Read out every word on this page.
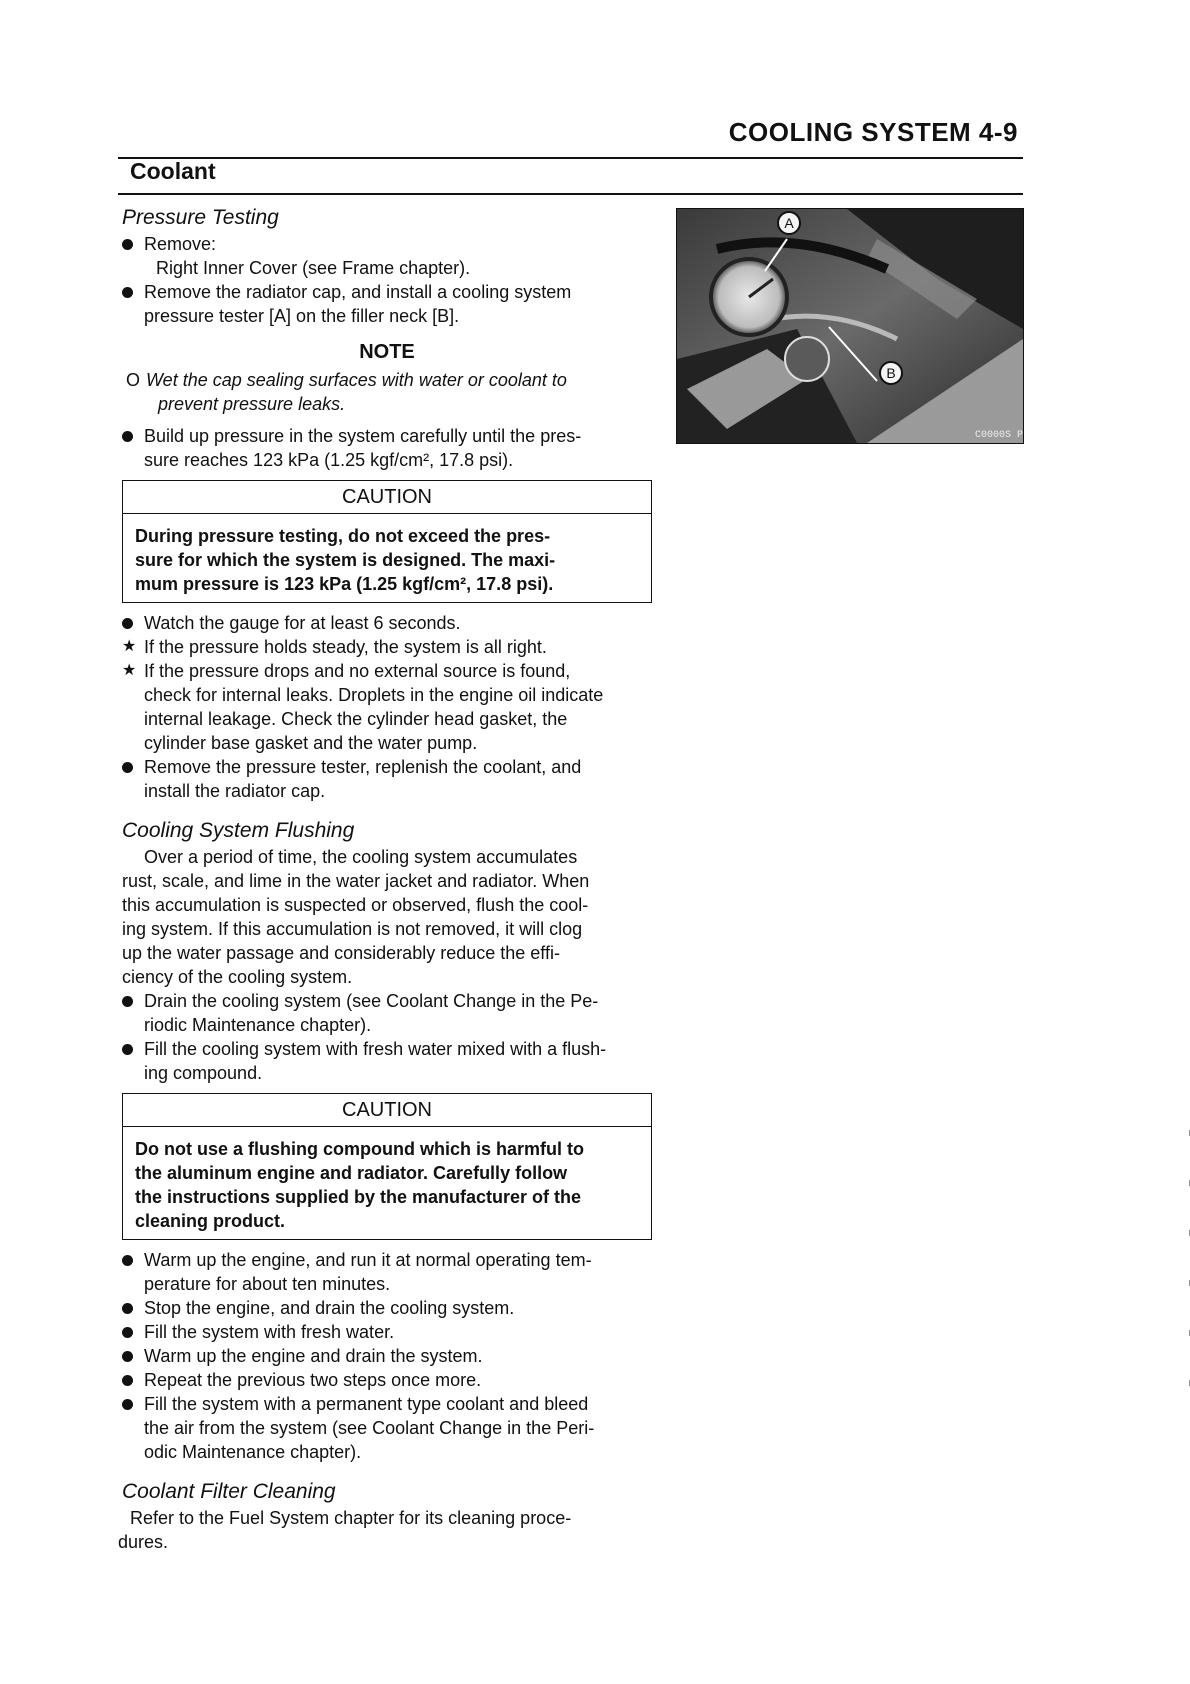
COOLING SYSTEM 4-9
Coolant

Pressure Testing

Remove:

Right Inner Cover (see Frame chapter).

Remove the radiator cap, and install a cooling system

pressure tester [A] on the filler neck [B].

NOTE

O Wet the cap sealing surfaces with water or coolant to

prevent pressure leaks.

Build up pressure in the system carefully until the pres-

sure reaches 123 kPa (1.25 kgf/cm², 17.8 psi).

CAUTION
During pressure testing, do not exceed the pres-
sure for which the system is designed. The maxi-
mum pressure is 123 kPa (1.25 kgf/cm², 17.8 psi).

Watch the gauge for at least 6 seconds.

★ If the pressure holds steady, the system is all right.

★ If the pressure drops and no external source is found,

check for internal leaks. Droplets in the engine oil indicate

internal leakage. Check the cylinder head gasket, the

cylinder base gasket and the water pump.

Remove the pressure tester, replenish the coolant, and

install the radiator cap.

Cooling System Flushing

Over a period of time, the cooling system accumulates

rust, scale, and lime in the water jacket and radiator. When

this accumulation is suspected or observed, flush the cool-

ing system. If this accumulation is not removed, it will clog

up the water passage and considerably reduce the effi-

ciency of the cooling system.

Drain the cooling system (see Coolant Change in the Pe-

riodic Maintenance chapter).

Fill the cooling system with fresh water mixed with a flush-

ing compound.

CAUTION
Do not use a flushing compound which is harmful to
the aluminum engine and radiator. Carefully follow
the instructions supplied by the manufacturer of the
cleaning product.

Warm up the engine, and run it at normal operating tem-

perature for about ten minutes.

Stop the engine, and drain the cooling system.

Fill the system with fresh water.

Warm up the engine and drain the system.

Repeat the previous two steps once more.

Fill the system with a permanent type coolant and bleed

the air from the system (see Coolant Change in the Peri-

odic Maintenance chapter).

Coolant Filter Cleaning

Refer to the Fuel System chapter for its cleaning proce-

dures.

A
B
C0000S P
